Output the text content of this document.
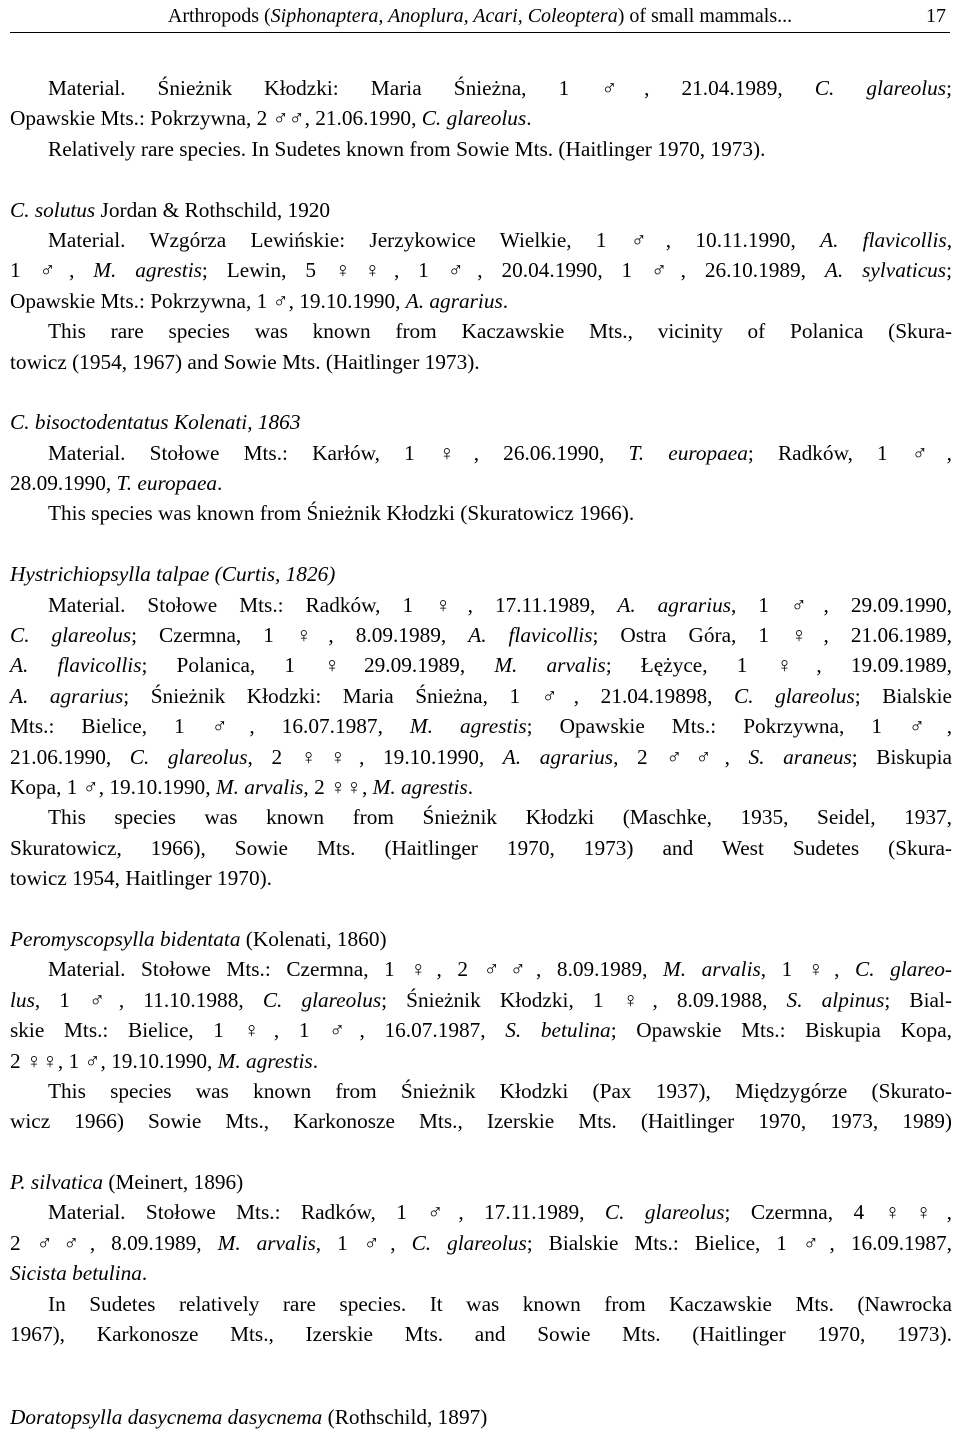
Arthropods (Siphonaptera, Anoplura, Acari, Coleoptera) of small mammals...	17
Material. Śnieżnik Kłodzki: Maria Śnieżna, 1 ♂, 21.04.1989, C. glareolus;
Opawskie Mts.: Pokrzywna, 2 ♂♂, 21.06.1990, C. glareolus.
Relatively rare species. In Sudetes known from Sowie Mts. (Haitlinger 1970, 1973).
C. solutus Jordan & Rothschild, 1920
Material. Wzgórza Lewińskie: Jerzykowice Wielkie, 1 ♂, 10.11.1990, A. flavicollis,
1 ♂, M. agrestis; Lewin, 5 ♀♀, 1 ♂, 20.04.1990, 1 ♂, 26.10.1989, A. sylvaticus;
Opawskie Mts.: Pokrzywna, 1 ♂, 19.10.1990, A. agrarius.
This rare species was known from Kaczawskie Mts., vicinity of Polanica (Skura-
towicz (1954, 1967) and Sowie Mts. (Haitlinger 1973).
C. bisoctodentatus Kolenati, 1863
Material. Stołowe Mts.: Karłów, 1 ♀, 26.06.1990, T. europaea; Radków, 1 ♂,
28.09.1990, T. europaea.
This species was known from Śnieżnik Kłodzki (Skuratowicz 1966).
Hystrichiopsylla talpae (Curtis, 1826)
Material. Stołowe Mts.: Radków, 1 ♀, 17.11.1989, A. agrarius, 1 ♂, 29.09.1990,
C. glareolus; Czermna, 1 ♀, 8.09.1989, A. flavicollis; Ostra Góra, 1 ♀, 21.06.1989,
A. flavicollis; Polanica, 1 ♀29.09.1989, M. arvalis; Łężyce, 1 ♀, 19.09.1989,
A. agrarius; Śnieżnik Kłodzki: Maria Śnieżna, 1 ♂, 21.04.19898, C. glareolus; Bialskie
Mts.: Bielice, 1 ♂, 16.07.1987, M. agrestis; Opawskie Mts.: Pokrzywna, 1 ♂,
21.06.1990, C. glareolus, 2 ♀♀, 19.10.1990, A. agrarius, 2 ♂♂, S. araneus; Biskupia
Kopa, 1 ♂, 19.10.1990, M. arvalis, 2 ♀♀, M. agrestis.
This species was known from Śnieżnik Kłodzki (Maschke, 1935, Seidel, 1937,
Skuratowicz, 1966), Sowie Mts. (Haitlinger 1970, 1973) and West Sudetes (Skura-
towicz 1954, Haitlinger 1970).
Peromyscopsylla bidentata (Kolenati, 1860)
Material. Stołowe Mts.: Czermna, 1 ♀, 2 ♂♂, 8.09.1989, M. arvalis, 1 ♀, C. glareo-
lus, 1 ♂, 11.10.1988, C. glareolus; Śnieżnik Kłodzki, 1 ♀, 8.09.1988, S. alpinus; Bial-
skie Mts.: Bielice, 1 ♀, 1 ♂, 16.07.1987, S. betulina; Opawskie Mts.: Biskupia Kopa,
2 ♀♀, 1 ♂, 19.10.1990, M. agrestis.
This species was known from Śnieżnik Kłodzki (Pax 1937), Międzygórze (Skurato-
wicz 1966) Sowie Mts., Karkonosze Mts., Izerskie Mts. (Haitlinger 1970, 1973, 1989)
P. silvatica (Meinert, 1896)
Material. Stołowe Mts.: Radków, 1 ♂, 17.11.1989, C. glareolus; Czermna, 4 ♀♀,
2 ♂♂, 8.09.1989, M. arvalis, 1 ♂, C. glareolus; Bialskie Mts.: Bielice, 1 ♂, 16.09.1987,
Sicista betulina.
In Sudetes relatively rare species. It was known from Kaczawskie Mts. (Nawrocka
1967), Karkonosze Mts., Izerskie Mts. and Sowie Mts. (Haitlinger 1970, 1973).
Doratopsylla dasycnema dasycnema (Rothschild, 1897)
